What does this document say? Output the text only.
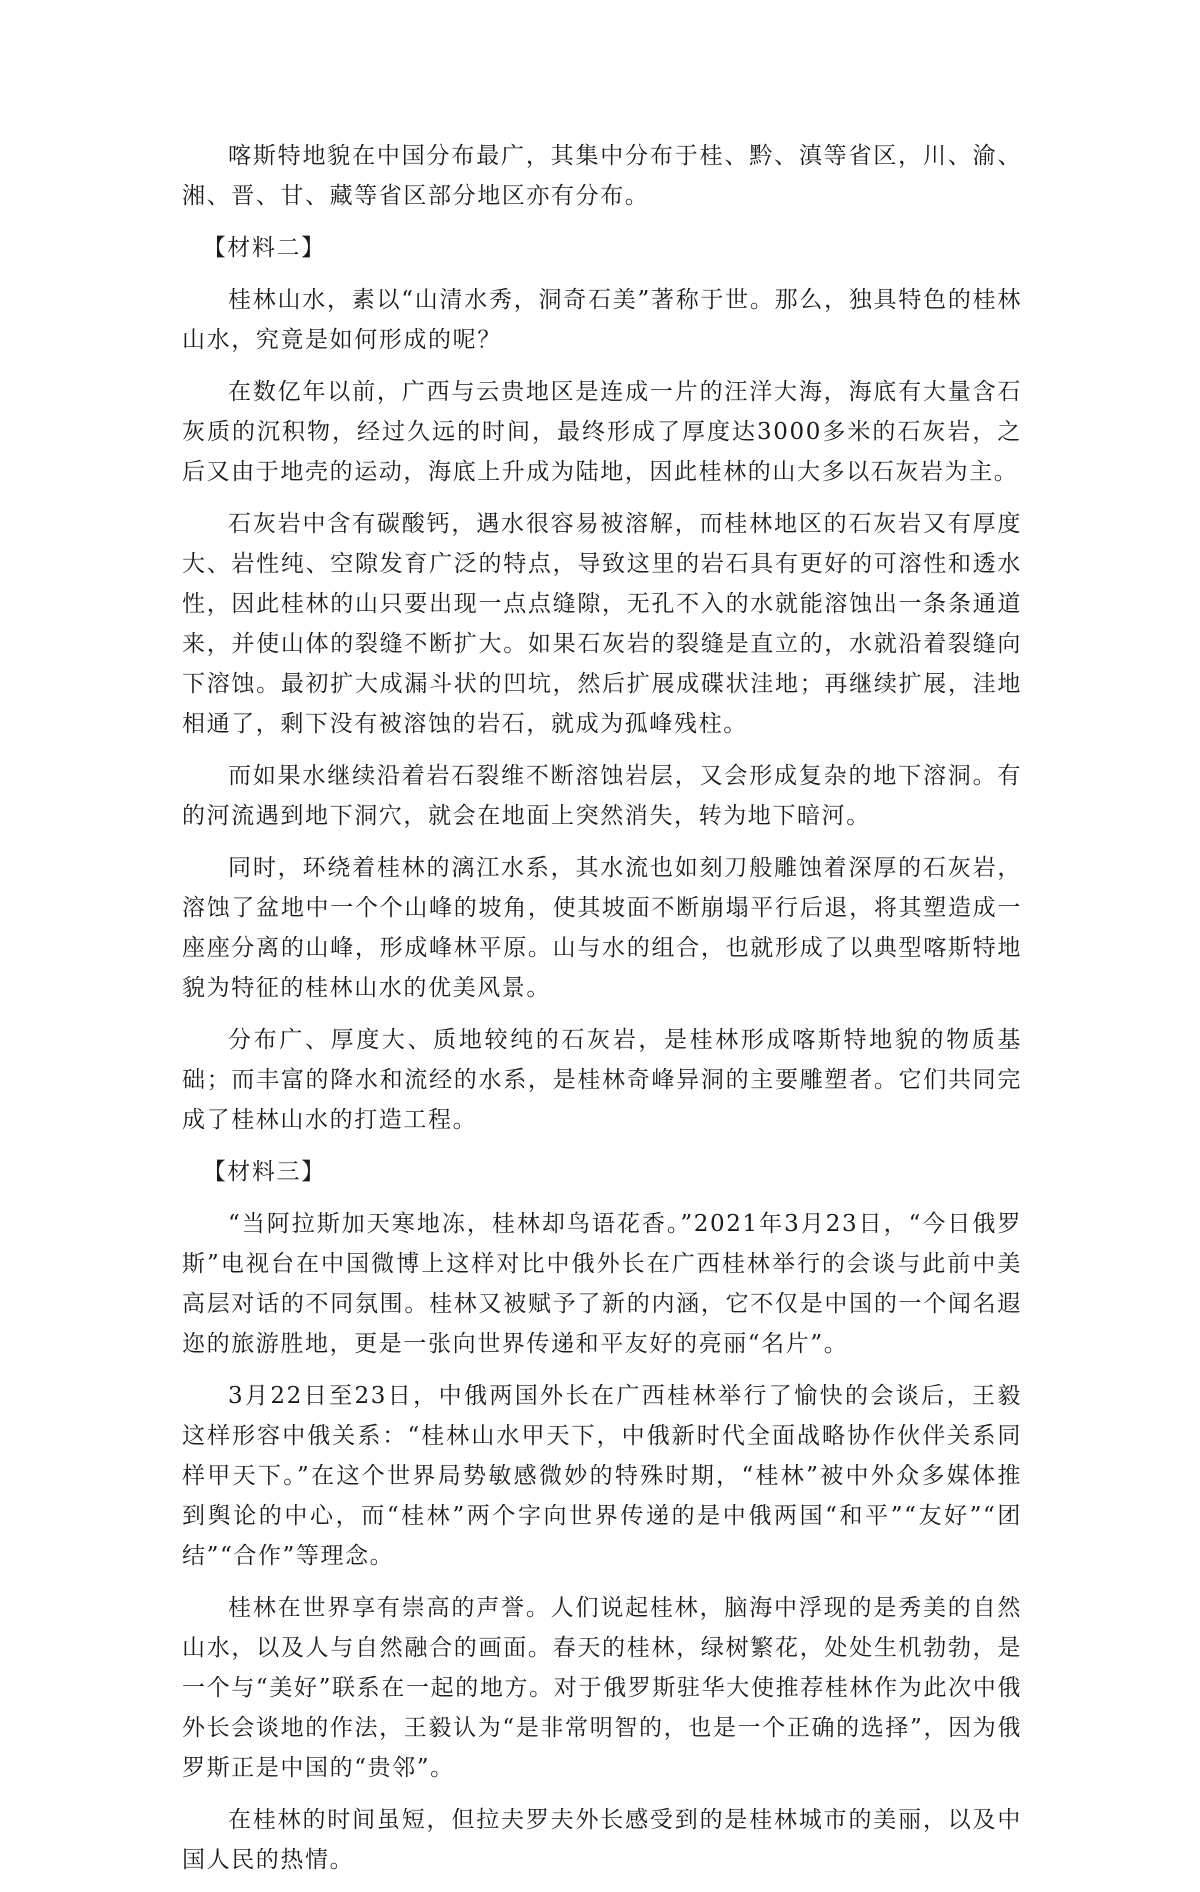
喀斯特地貌在中国分布最广，其集中分布于桂、黔、滇等省区，川、渝、湘、晋、甘、藏等省区部分地区亦有分布。

【材料二】

桂林山水，素以“山清水秀，洞奇石美”著称于世。那么，独具特色的桂林山水，究竟是如何形成的呢？

在数亿年以前，广西与云贵地区是连成一片的汪洋大海，海底有大量含石灰质的沉积物，经过久远的时间，最终形成了厚度达3000多米的石灰岩，之后又由于地壳的运动，海底上升成为陆地，因此桂林的山大多以石灰岩为主。

石灰岩中含有碳酸钙，遇水很容易被溶解，而桂林地区的石灰岩又有厚度大、岩性纯、空隙发育广泛的特点，导致这里的岩石具有更好的可溶性和透水性，因此桂林的山只要出现一点点缝隙，无孔不入的水就能溶蚀出一条条通道来，并使山体的裂缝不断扩大。如果石灰岩的裂缝是直立的，水就沿着裂缝向下溶蚀。最初扩大成漏斗状的凹坑，然后扩展成碟状洼地；再继续扩展，洼地相通了，剩下没有被溶蚀的岩石，就成为孤峰残柱。

而如果水继续沿着岩石裂维不断溶蚀岩层，又会形成复杂的地下溶洞。有的河流遇到地下洞穴，就会在地面上突然消失，转为地下暗河。

同时，环绕着桂林的漓江水系，其水流也如刻刀般雕蚀着深厚的石灰岩，溶蚀了盆地中一个个山峰的坡角，使其坡面不断崩塌平行后退，将其塑造成一座座分离的山峰，形成峰林平原。山与水的组合，也就形成了以典型喀斯特地貌为特征的桂林山水的优美风景。

分布广、厚度大、质地较纯的石灰岩，是桂林形成喀斯特地貌的物质基础；而丰富的降水和流经的水系，是桂林奇峰异洞的主要雕塑者。它们共同完成了桂林山水的打造工程。

【材料三】

“当阿拉斯加天寒地冻，桂林却鸟语花香。”2021年3月23日，“今日俄罗斯”电视台在中国微博上这样对比中俄外长在广西桂林举行的会谈与此前中美高层对话的不同氛围。桂林又被赋予了新的内涵，它不仅是中国的一个闻名遐迩的旅游胜地，更是一张向世界传递和平友好的亮丽“名片”。

3月22日至23日，中俄两国外长在广西桂林举行了愉快的会谈后，王毅这样形容中俄关系：“桂林山水甲天下，中俄新时代全面战略协作伙伴关系同样甲天下。”在这个世界局势敏感微妙的特殊时期，“桂林”被中外众多媒体推到舆论的中心，而“桂林”两个字向世界传递的是中俄两国“和平”“友好”“团结”“合作”等理念。

桂林在世界享有崇高的声誉。人们说起桂林，脑海中浮现的是秀美的自然山水，以及人与自然融合的画面。春天的桂林，绿树繁花，处处生机勃勃，是一个与“美好”联系在一起的地方。对于俄罗斯驻华大使推荐桂林作为此次中俄外长会谈地的作法，王毅认为“是非常明智的，也是一个正确的选择”，因为俄罗斯正是中国的“贵邻”。

在桂林的时间虽短，但拉夫罗夫外长感受到的是桂林城市的美丽，以及中国人民的热情。
